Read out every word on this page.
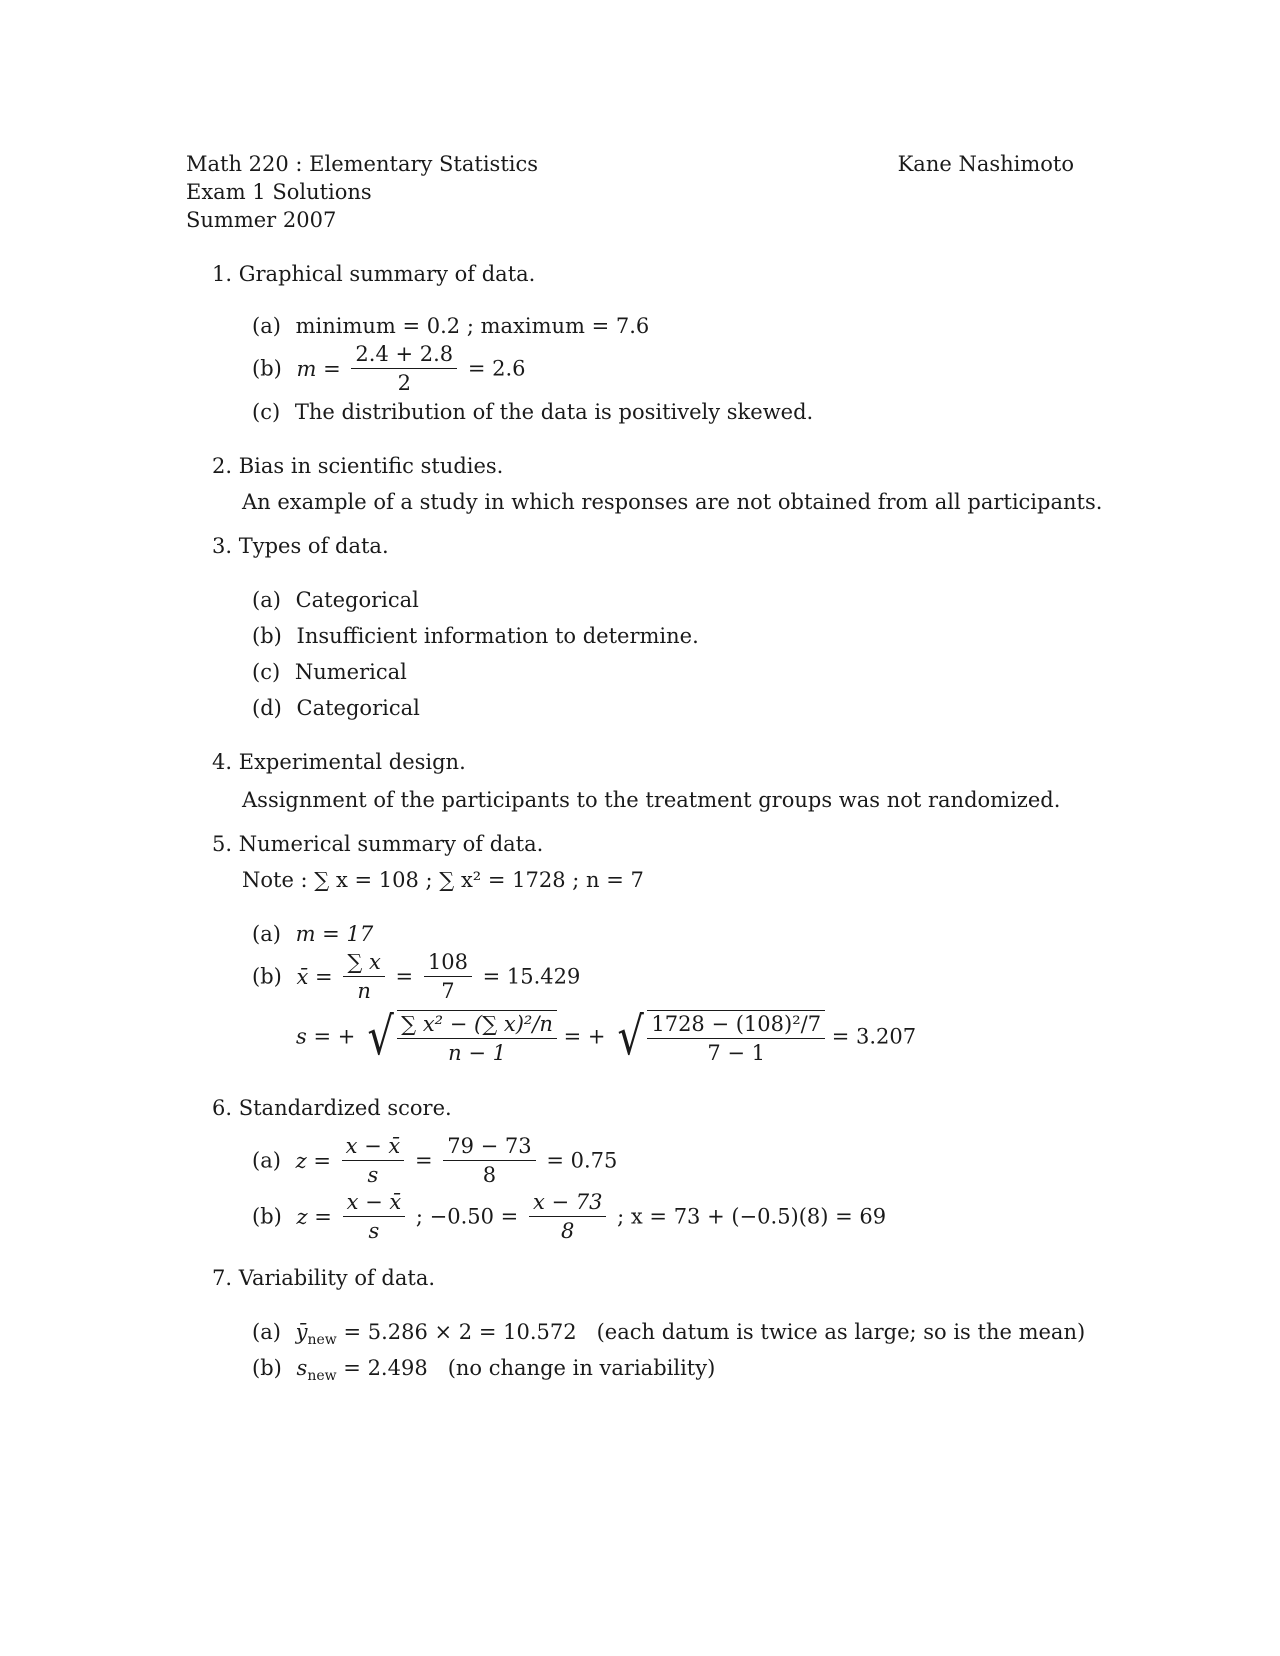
Math 220 : Elementary Statistics
Exam 1 Solutions
Summer 2007
Kane Nashimoto
1. Graphical summary of data.
(a) minimum = 0.2 ; maximum = 7.6
(b) $m = \frac{2.4 + 2.8}{2} = 2.6$
(c) The distribution of the data is positively skewed.
2. Bias in scientific studies.
An example of a study in which responses are not obtained from all participants.
3. Types of data.
(a) Categorical
(b) Insufficient information to determine.
(c) Numerical
(d) Categorical
4. Experimental design.
Assignment of the participants to the treatment groups was not randomized.
5. Numerical summary of data.
Note : ∑ x = 108 ; ∑ x² = 1728 ; n = 7
(a) m = 17
(b) x̄ = $\frac{\sum x}{n} = \frac{108}{7} = 15.429$
s = + √ $\frac{\text{∑ x² − (∑ x)²/n}}{n - 1}$ = + √ $\frac{\text{1728 − (108)²/7}}{7 - 1} = 3.207$
6. Standardized score.
(a) $z = \frac{x - x̄}{s} = \frac{79 - 73}{8} = 0.75$
(b) $z = \frac{x - x̄}{s}$ ; $-0.50 = \frac{x - 73}{8}$ ; x = 73 + (−0.5)(8) = 69
7. Variability of data.
(a) $ȳ_{new} = 5.286 \times 2 = 10.572$   (each datum is twice as large; so is the mean)
(b) $s_{new} = 2.498$   (no change in variability)
